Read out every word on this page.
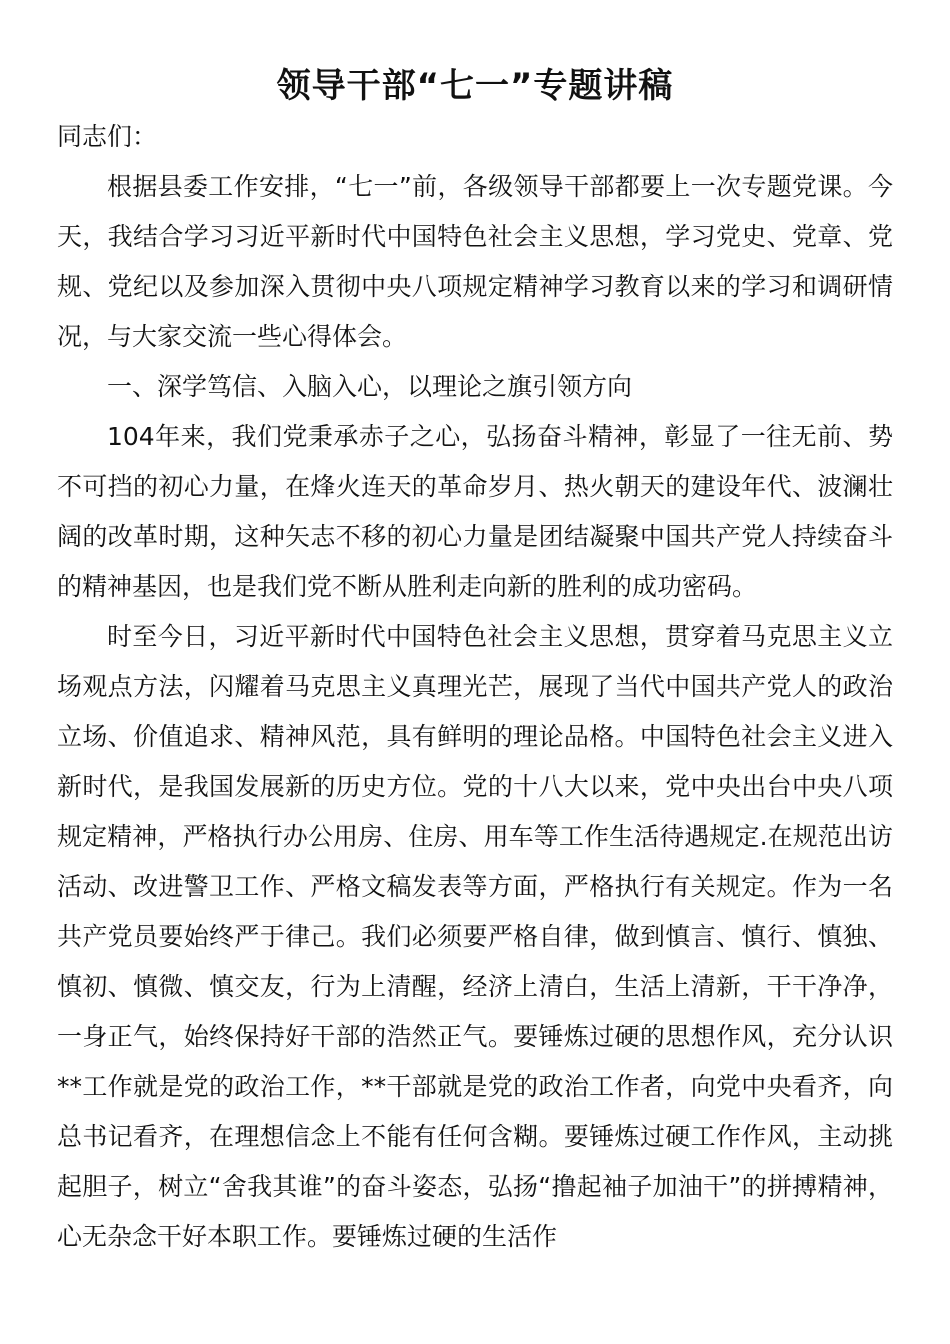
领导干部“七一”专题讲稿

同志们：

根据县委工作安排，“七一”前，各级领导干部都要上一次专题党课。今天，我结合学习习近平新时代中国特色社会主义思想，学习党史、党章、党规、党纪以及参加深入贯彻中央八项规定精神学习教育以来的学习和调研情况，与大家交流一些心得体会。

一、深学笃信、入脑入心，以理论之旗引领方向

104年来，我们党秉承赤子之心，弘扬奋斗精神，彰显了一往无前、势不可挡的初心力量，在烽火连天的革命岁月、热火朝天的建设年代、波澜壮阔的改革时期，这种矢志不移的初心力量是团结凝聚中国共产党人持续奋斗的精神基因，也是我们党不断从胜利走向新的胜利的成功密码。

时至今日，习近平新时代中国特色社会主义思想，贯穿着马克思主义立场观点方法，闪耀着马克思主义真理光芒，展现了当代中国共产党人的政治立场、价值追求、精神风范，具有鲜明的理论品格。中国特色社会主义进入新时代，是我国发展新的历史方位。党的十八大以来，党中央出台中央八项规定精神，严格执行办公用房、住房、用车等工作生活待遇规定.在规范出访活动、改进警卫工作、严格文稿发表等方面，严格执行有关规定。作为一名共产党员要始终严于律己。我们必须要严格自律，做到慎言、慎行、慎独、慎初、慎微、慎交友，行为上清醒，经济上清白，生活上清新，干干净净，一身正气，始终保持好干部的浩然正气。要锤炼过硬的思想作风，充分认识**工作就是党的政治工作，**干部就是党的政治工作者，向党中央看齐，向总书记看齐，在理想信念上不能有任何含糊。要锤炼过硬工作作风，主动挑起胆子，树立“舍我其谁”的奋斗姿态，弘扬“撸起袖子加油干”的拼搏精神，心无杂念干好本职工作。要锤炼过硬的生活作
